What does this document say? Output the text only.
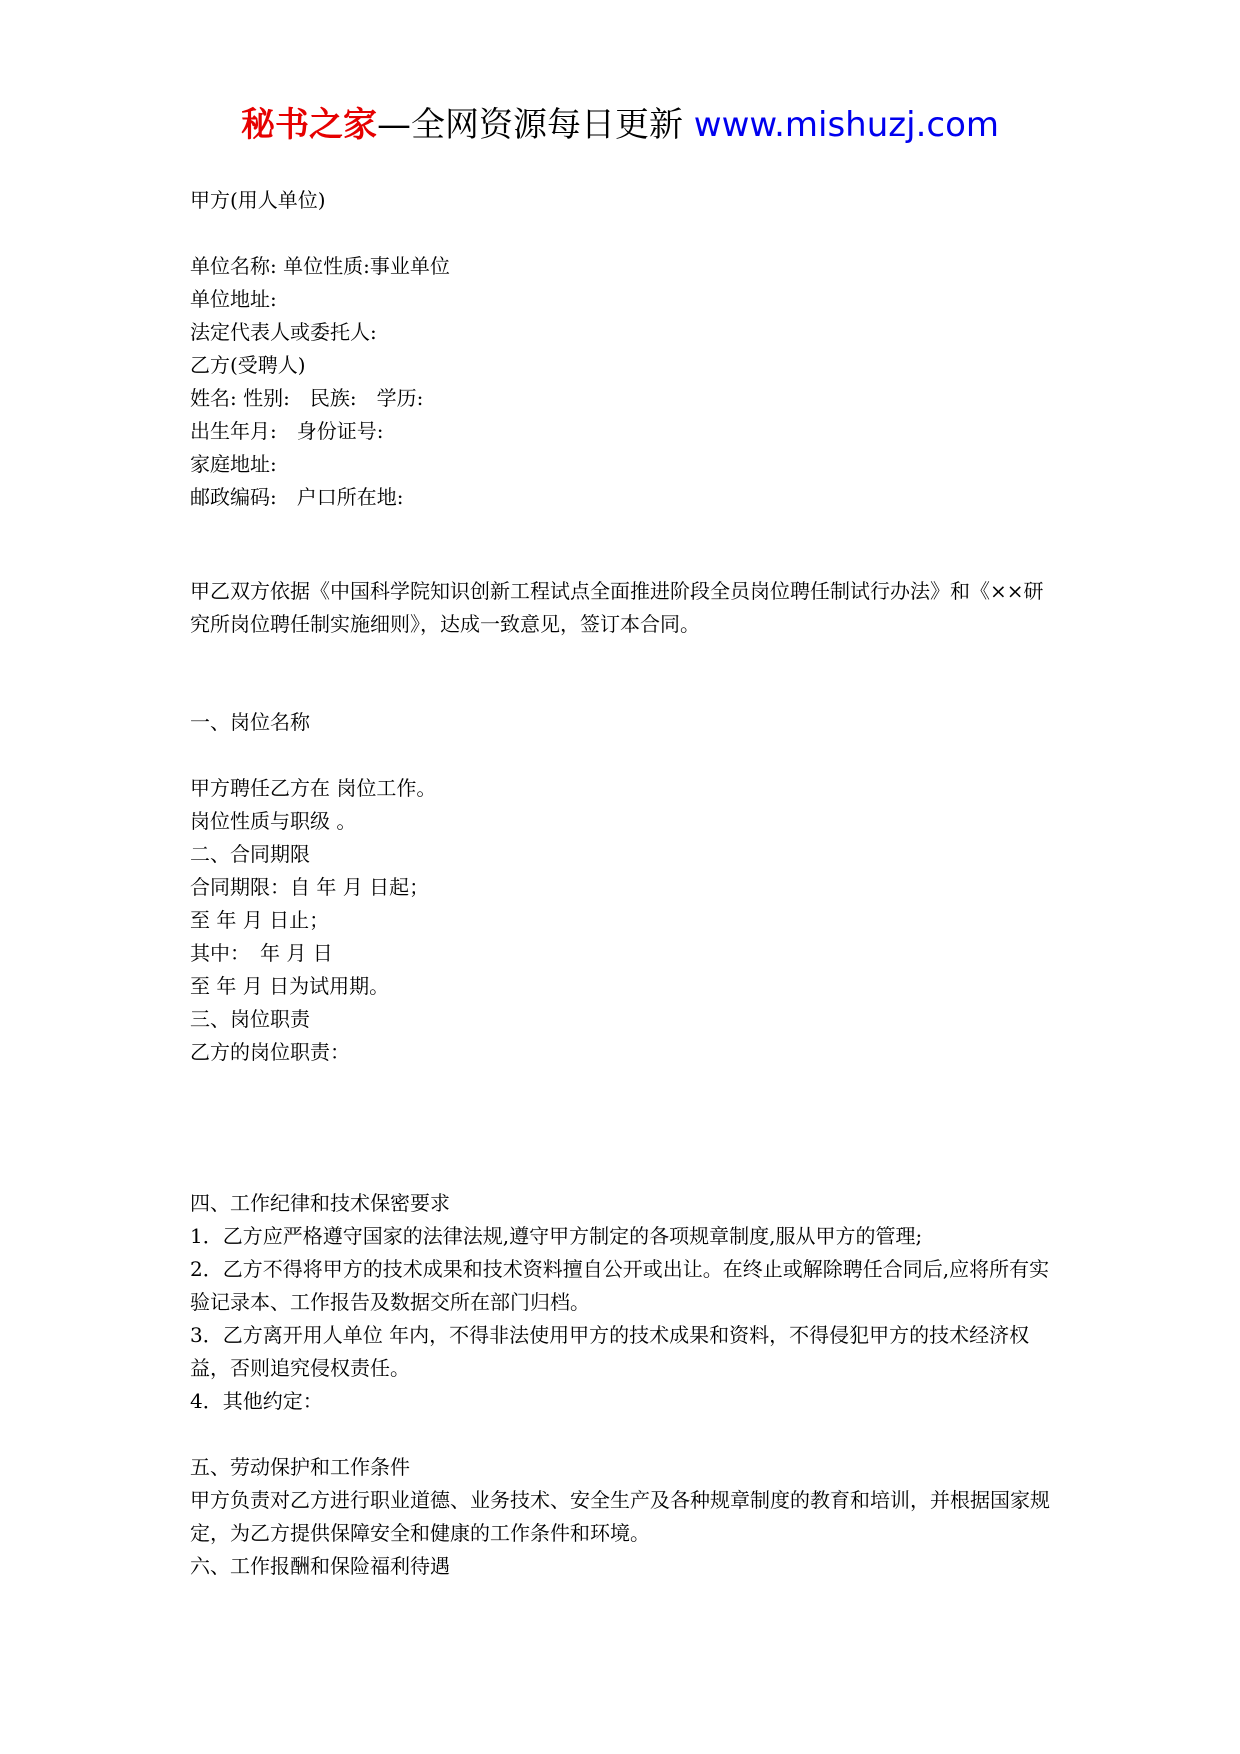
秘书之家—全网资源每日更新 www.mishuzj.com

甲方(用人单位)

单位名称: 单位性质:事业单位

单位地址:

法定代表人或委托人:

乙方(受聘人)

姓名: 性别:　民族:　学历:

出生年月:　身份证号:

家庭地址:

邮政编码:　户口所在地:

甲乙双方依据《中国科学院知识创新工程试点全面推进阶段全员岗位聘任制试行办法》和《××研究所岗位聘任制实施细则》，达成一致意见，签订本合同。

一、岗位名称

甲方聘任乙方在 岗位工作。

岗位性质与职级 。

二、合同期限

合同期限：自 年 月 日起；

至 年 月 日止；

其中：　年 月 日

至 年 月 日为试用期。

三、岗位职责

乙方的岗位职责：

四、工作纪律和技术保密要求

1．乙方应严格遵守国家的法律法规,遵守甲方制定的各项规章制度,服从甲方的管理;

2．乙方不得将甲方的技术成果和技术资料擅自公开或出让。在终止或解除聘任合同后,应将所有实验记录本、工作报告及数据交所在部门归档。

3．乙方离开用人单位 年内，不得非法使用甲方的技术成果和资料，不得侵犯甲方的技术经济权益，否则追究侵权责任。

4．其他约定：

五、劳动保护和工作条件

甲方负责对乙方进行职业道德、业务技术、安全生产及各种规章制度的教育和培训，并根据国家规定，为乙方提供保障安全和健康的工作条件和环境。

六、工作报酬和保险福利待遇
